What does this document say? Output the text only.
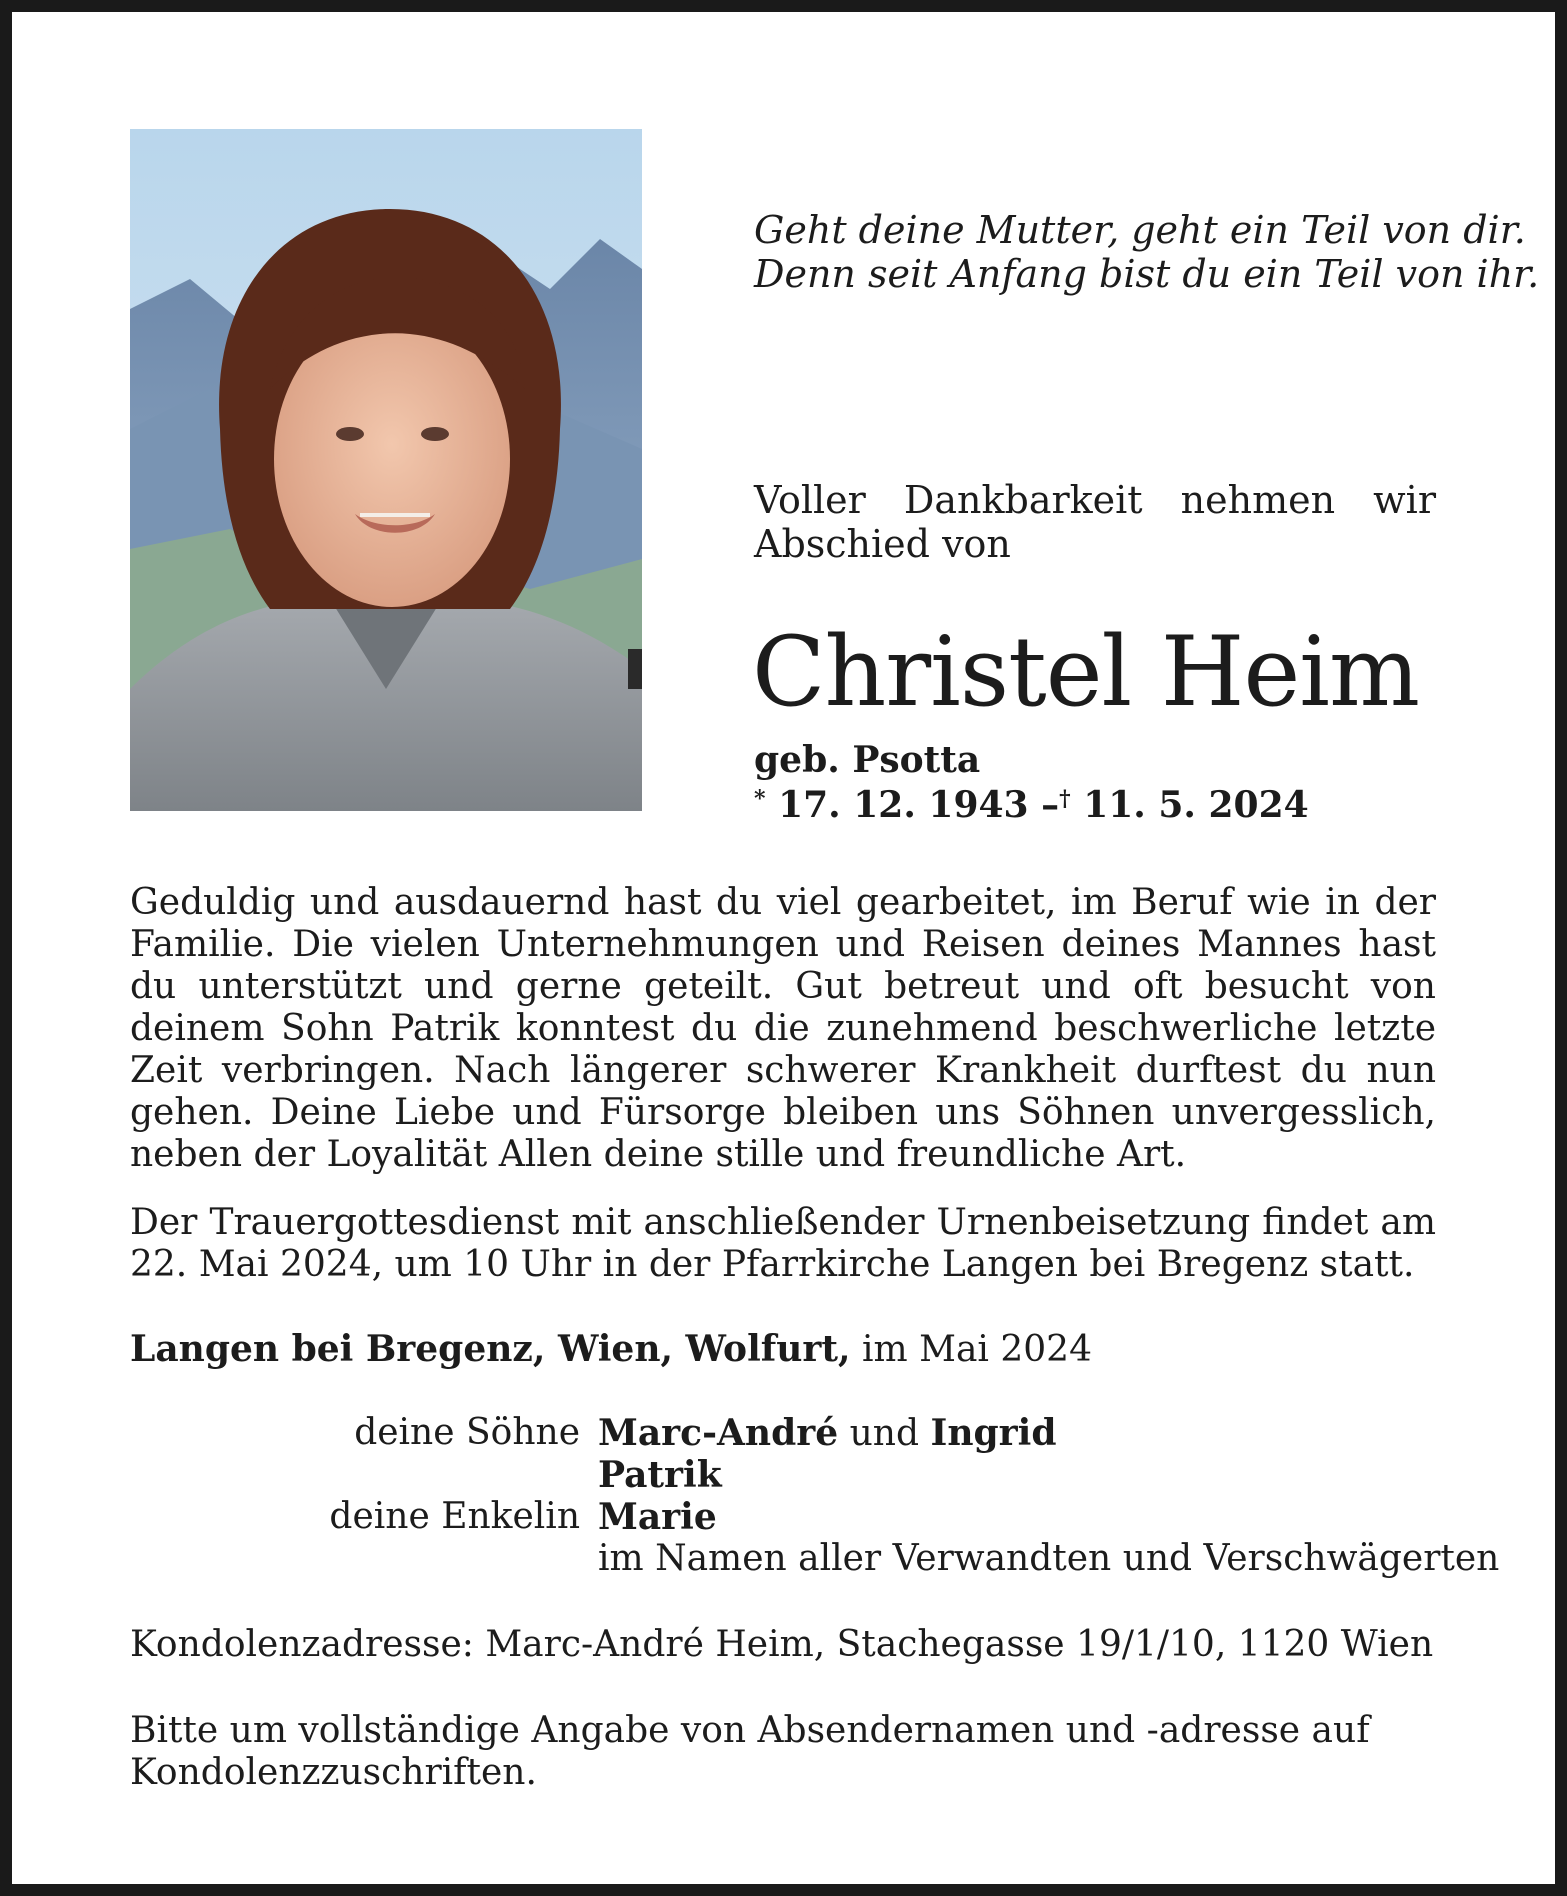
Geht deine Mutter, geht ein Teil von dir.
Denn seit Anfang bist du ein Teil von ihr.
Voller Dankbarkeit nehmen wir Abschied von
Christel Heim
geb. Psotta
* 17. 12. 1943 –† 11. 5. 2024
Geduldig und ausdauernd hast du viel gearbeitet, im Beruf wie in der Familie. Die vielen Unternehmungen und Reisen deines Mannes hast du unterstützt und gerne geteilt. Gut betreut und oft besucht von deinem Sohn Patrik konntest du die zunehmend beschwerliche letzte Zeit verbringen. Nach längerer schwerer Krankheit durftest du nun gehen. Deine Liebe und Fürsorge bleiben uns Söhnen unvergesslich, neben der Loyalität Allen deine stille und freundliche Art.
Der Trauergottesdienst mit anschließender Urnenbeisetzung findet am 22. Mai 2024, um 10 Uhr in der Pfarrkirche Langen bei Bregenz statt.
Langen bei Bregenz, Wien, Wolfurt, im Mai 2024
deine Söhne Marc-André und Ingrid
Patrik
deine Enkelin Marie
im Namen aller Verwandten und Verschwägerten
Kondolenzadresse: Marc-André Heim, Stachegasse 19/1/10, 1120 Wien
Bitte um vollständige Angabe von Absendernamen und -adresse auf Kondolenzzuschriften.
